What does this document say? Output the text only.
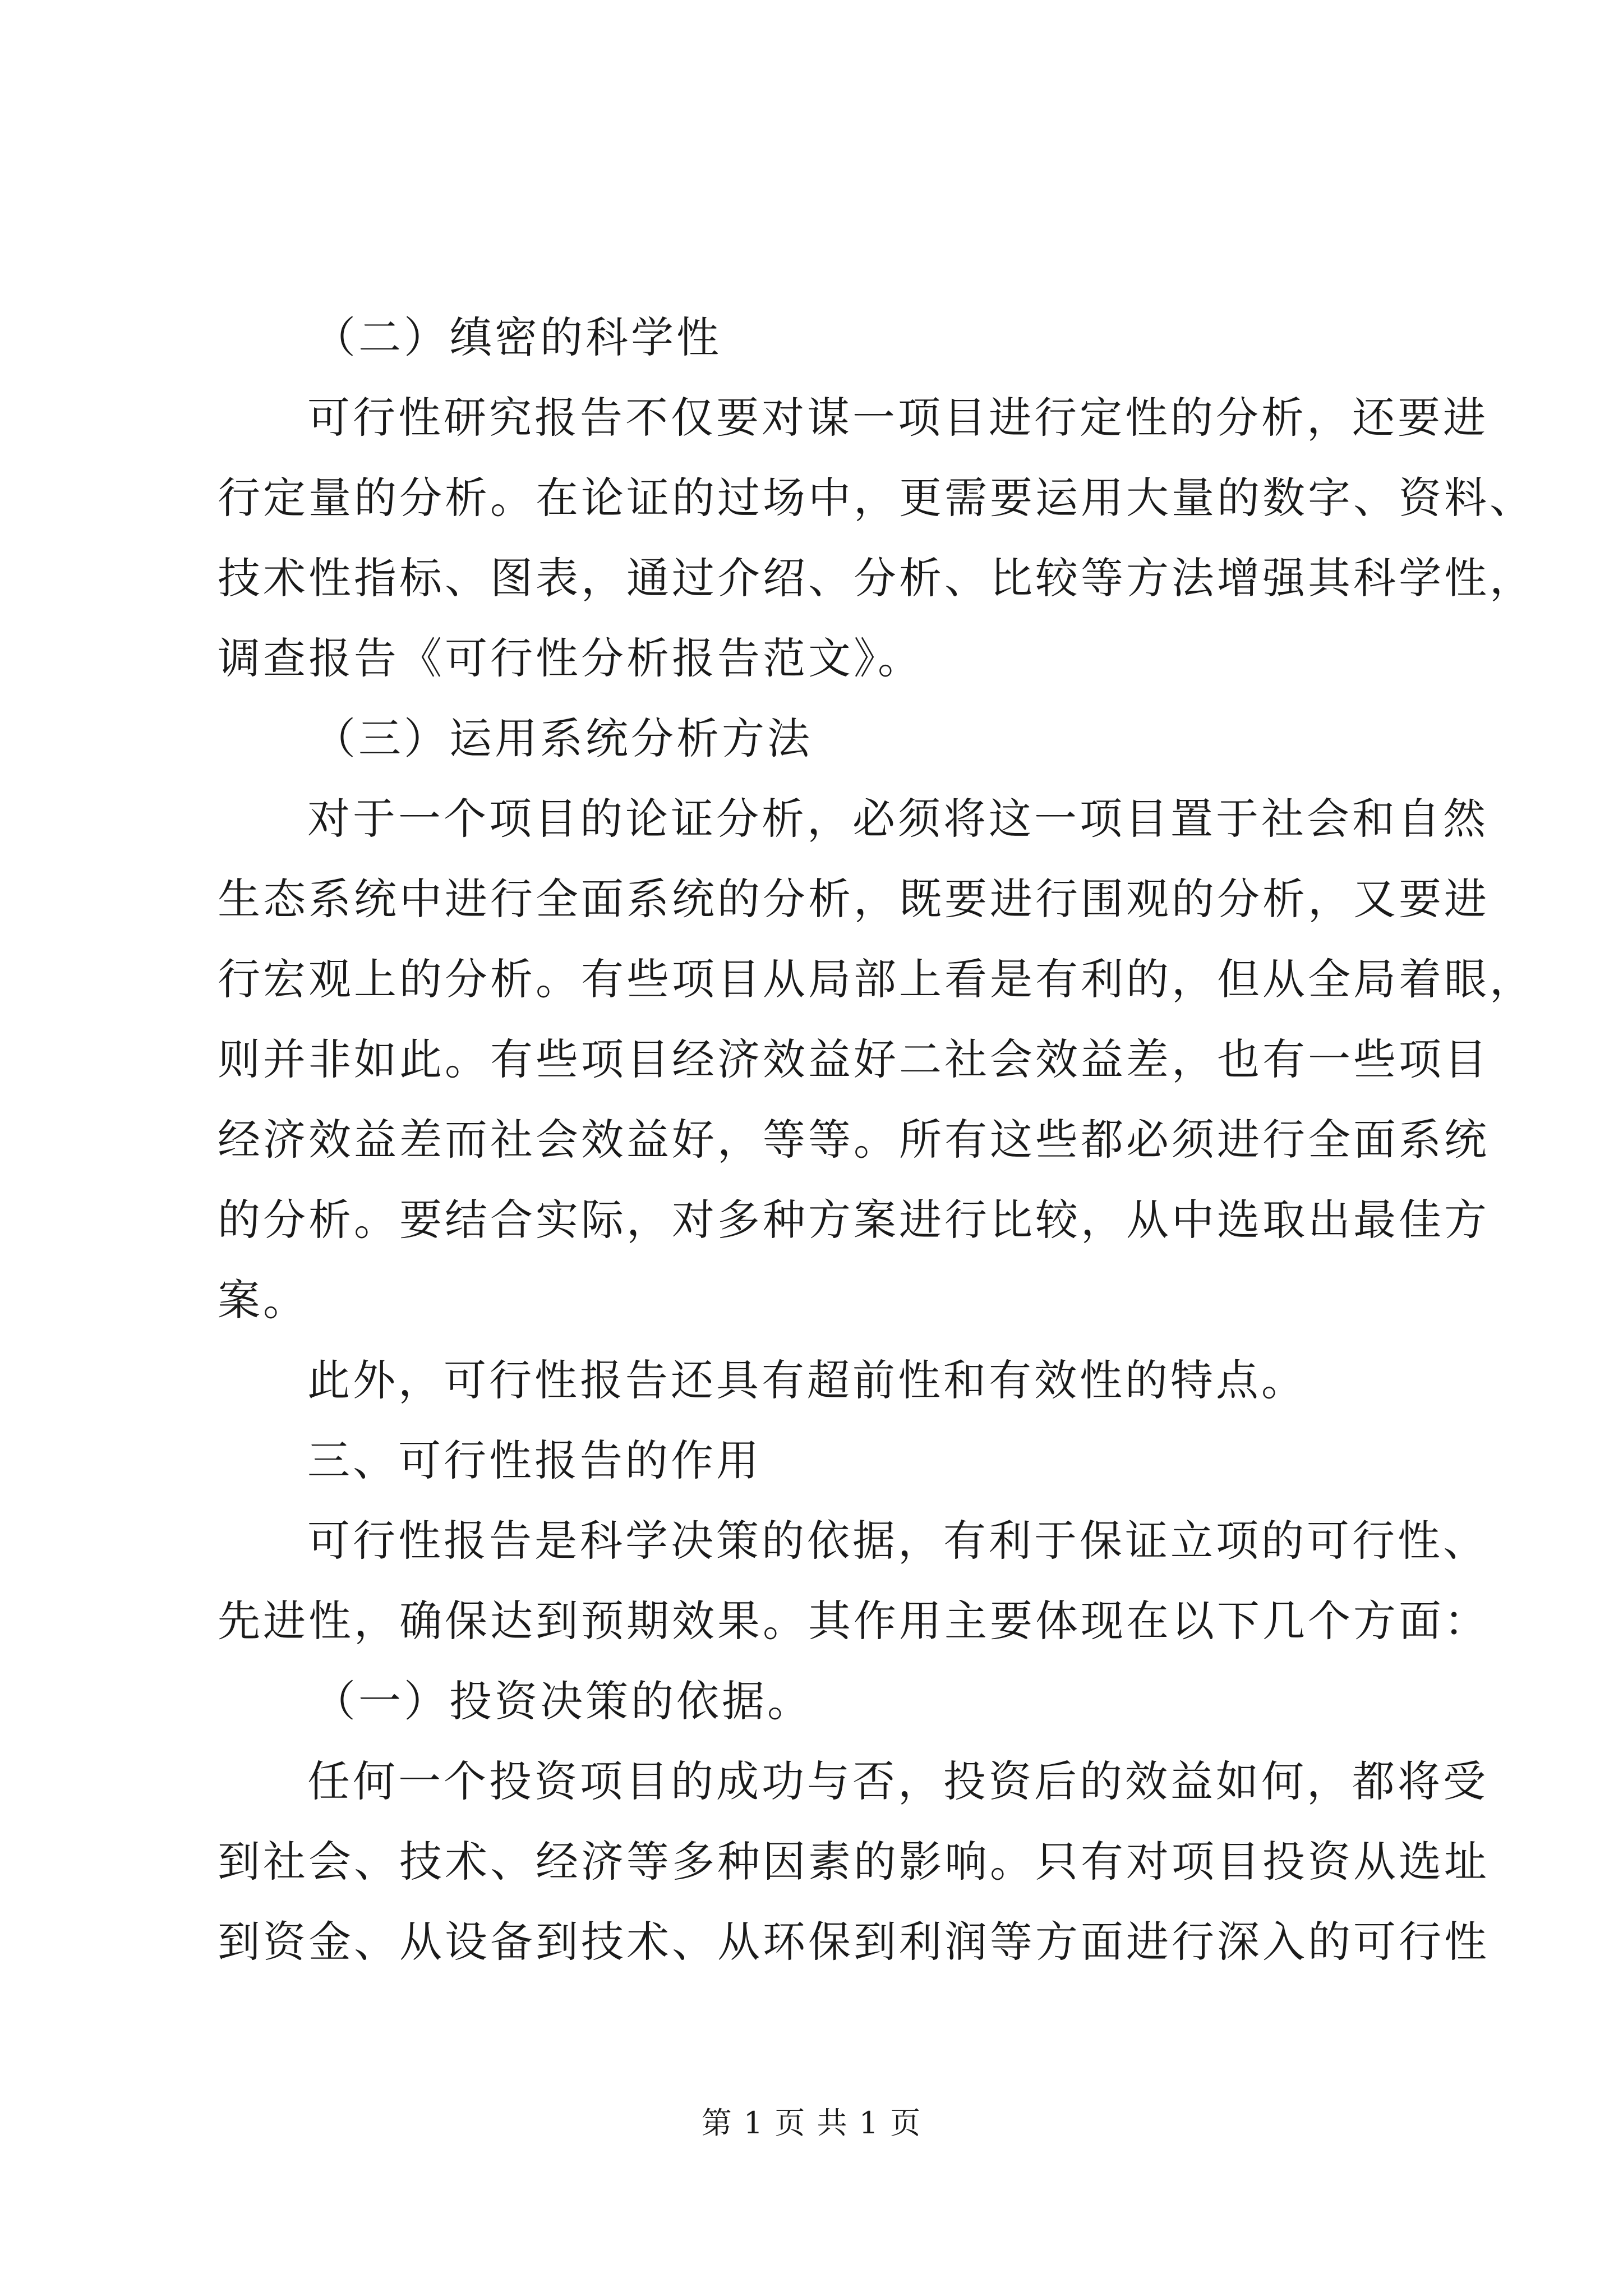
（二）缜密的科学性
可行性研究报告不仅要对谋一项目进行定性的分析，还要进
行定量的分析。在论证的过场中，更需要运用大量的数字、资料、
技术性指标、图表，通过介绍、分析、比较等方法增强其科学性，
调查报告《可行性分析报告范文》。
（三）运用系统分析方法
对于一个项目的论证分析，必须将这一项目置于社会和自然
生态系统中进行全面系统的分析，既要进行围观的分析，又要进
行宏观上的分析。有些项目从局部上看是有利的，但从全局着眼，
则并非如此。有些项目经济效益好二社会效益差，也有一些项目
经济效益差而社会效益好，等等。所有这些都必须进行全面系统
的分析。要结合实际，对多种方案进行比较，从中选取出最佳方
案。
此外，可行性报告还具有超前性和有效性的特点。
三、可行性报告的作用
可行性报告是科学决策的依据，有利于保证立项的可行性、
先进性，确保达到预期效果。其作用主要体现在以下几个方面：
（一）投资决策的依据。
任何一个投资项目的成功与否，投资后的效益如何，都将受
到社会、技术、经济等多种因素的影响。只有对项目投资从选址
到资金、从设备到技术、从环保到利润等方面进行深入的可行性
第 1 页 共 1 页
